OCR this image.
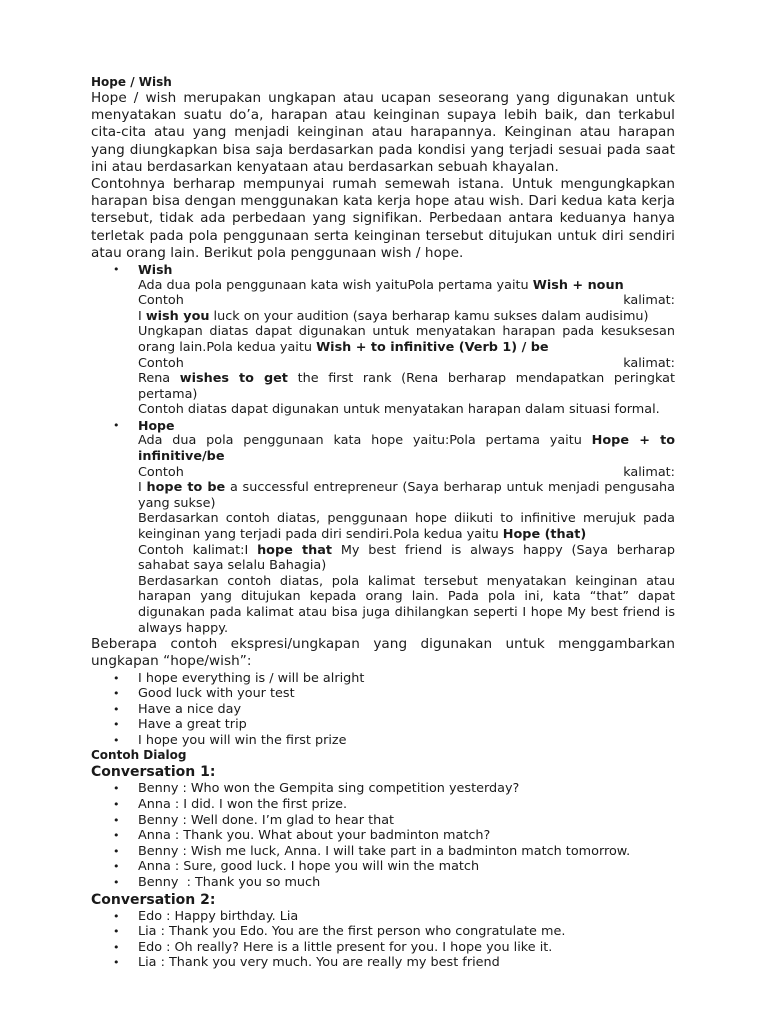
Hope / Wish

Hope / wish merupakan ungkapan atau ucapan seseorang yang digunakan untuk menyatakan suatu do’a, harapan atau keinginan supaya lebih baik, dan terkabul cita-cita atau yang menjadi keinginan atau harapannya. Keinginan atau harapan yang diungkapkan bisa saja berdasarkan pada kondisi yang terjadi sesuai pada saat ini atau berdasarkan kenyataan atau berdasarkan sebuah khayalan.

Contohnya berharap mempunyai rumah semewah istana. Untuk mengungkapkan harapan bisa dengan menggunakan kata kerja hope atau wish. Dari kedua kata kerja tersebut, tidak ada perbedaan yang signifikan. Perbedaan antara keduanya hanya terletak pada pola penggunaan serta keinginan tersebut ditujukan untuk diri sendiri atau orang lain. Berikut pola penggunaan wish / hope.

• Wish

Ada dua pola penggunaan kata wish yaituPola pertama yaitu Wish + noun

Contoh	kalimat:

I wish you luck on your audition (saya berharap kamu sukses dalam audisimu)

Ungkapan diatas dapat digunakan untuk menyatakan harapan pada kesuksesan orang lain.Pola kedua yaitu Wish + to infinitive (Verb 1) / be

Contoh	kalimat:

Rena wishes to get the first rank (Rena berharap mendapatkan peringkat pertama)

Contoh diatas dapat digunakan untuk menyatakan harapan dalam situasi formal.

• Hope

Ada dua pola penggunaan kata hope yaitu:Pola pertama yaitu Hope + to infinitive/be

Contoh	kalimat:

I hope to be a successful entrepreneur (Saya berharap untuk menjadi pengusaha yang sukse)

Berdasarkan contoh diatas, penggunaan hope diikuti to infinitive merujuk pada keinginan yang terjadi pada diri sendiri.Pola kedua yaitu Hope (that)

Contoh kalimat:I hope that My best friend is always happy (Saya berharap sahabat saya selalu Bahagia)

Berdasarkan contoh diatas, pola kalimat tersebut menyatakan keinginan atau harapan yang ditujukan kepada orang lain. Pada pola ini, kata “that” dapat digunakan pada kalimat atau bisa juga dihilangkan seperti I hope My best friend is always happy.

Beberapa contoh ekspresi/ungkapan yang digunakan untuk menggambarkan ungkapan “hope/wish”:

• I hope everything is / will be alright
• Good luck with your test
• Have a nice day
• Have a great trip
• I hope you will win the first prize

Contoh Dialog

Conversation 1:

• Benny : Who won the Gempita sing competition yesterday?
• Anna : I did. I won the first prize.
• Benny : Well done. I’m glad to hear that
• Anna : Thank you. What about your badminton match?
• Benny : Wish me luck, Anna. I will take part in a badminton match tomorrow.
• Anna : Sure, good luck. I hope you will win the match
• Benny  : Thank you so much

Conversation 2:

• Edo : Happy birthday. Lia
• Lia : Thank you Edo. You are the first person who congratulate me.
• Edo : Oh really? Here is a little present for you. I hope you like it.
• Lia : Thank you very much. You are really my best friend
